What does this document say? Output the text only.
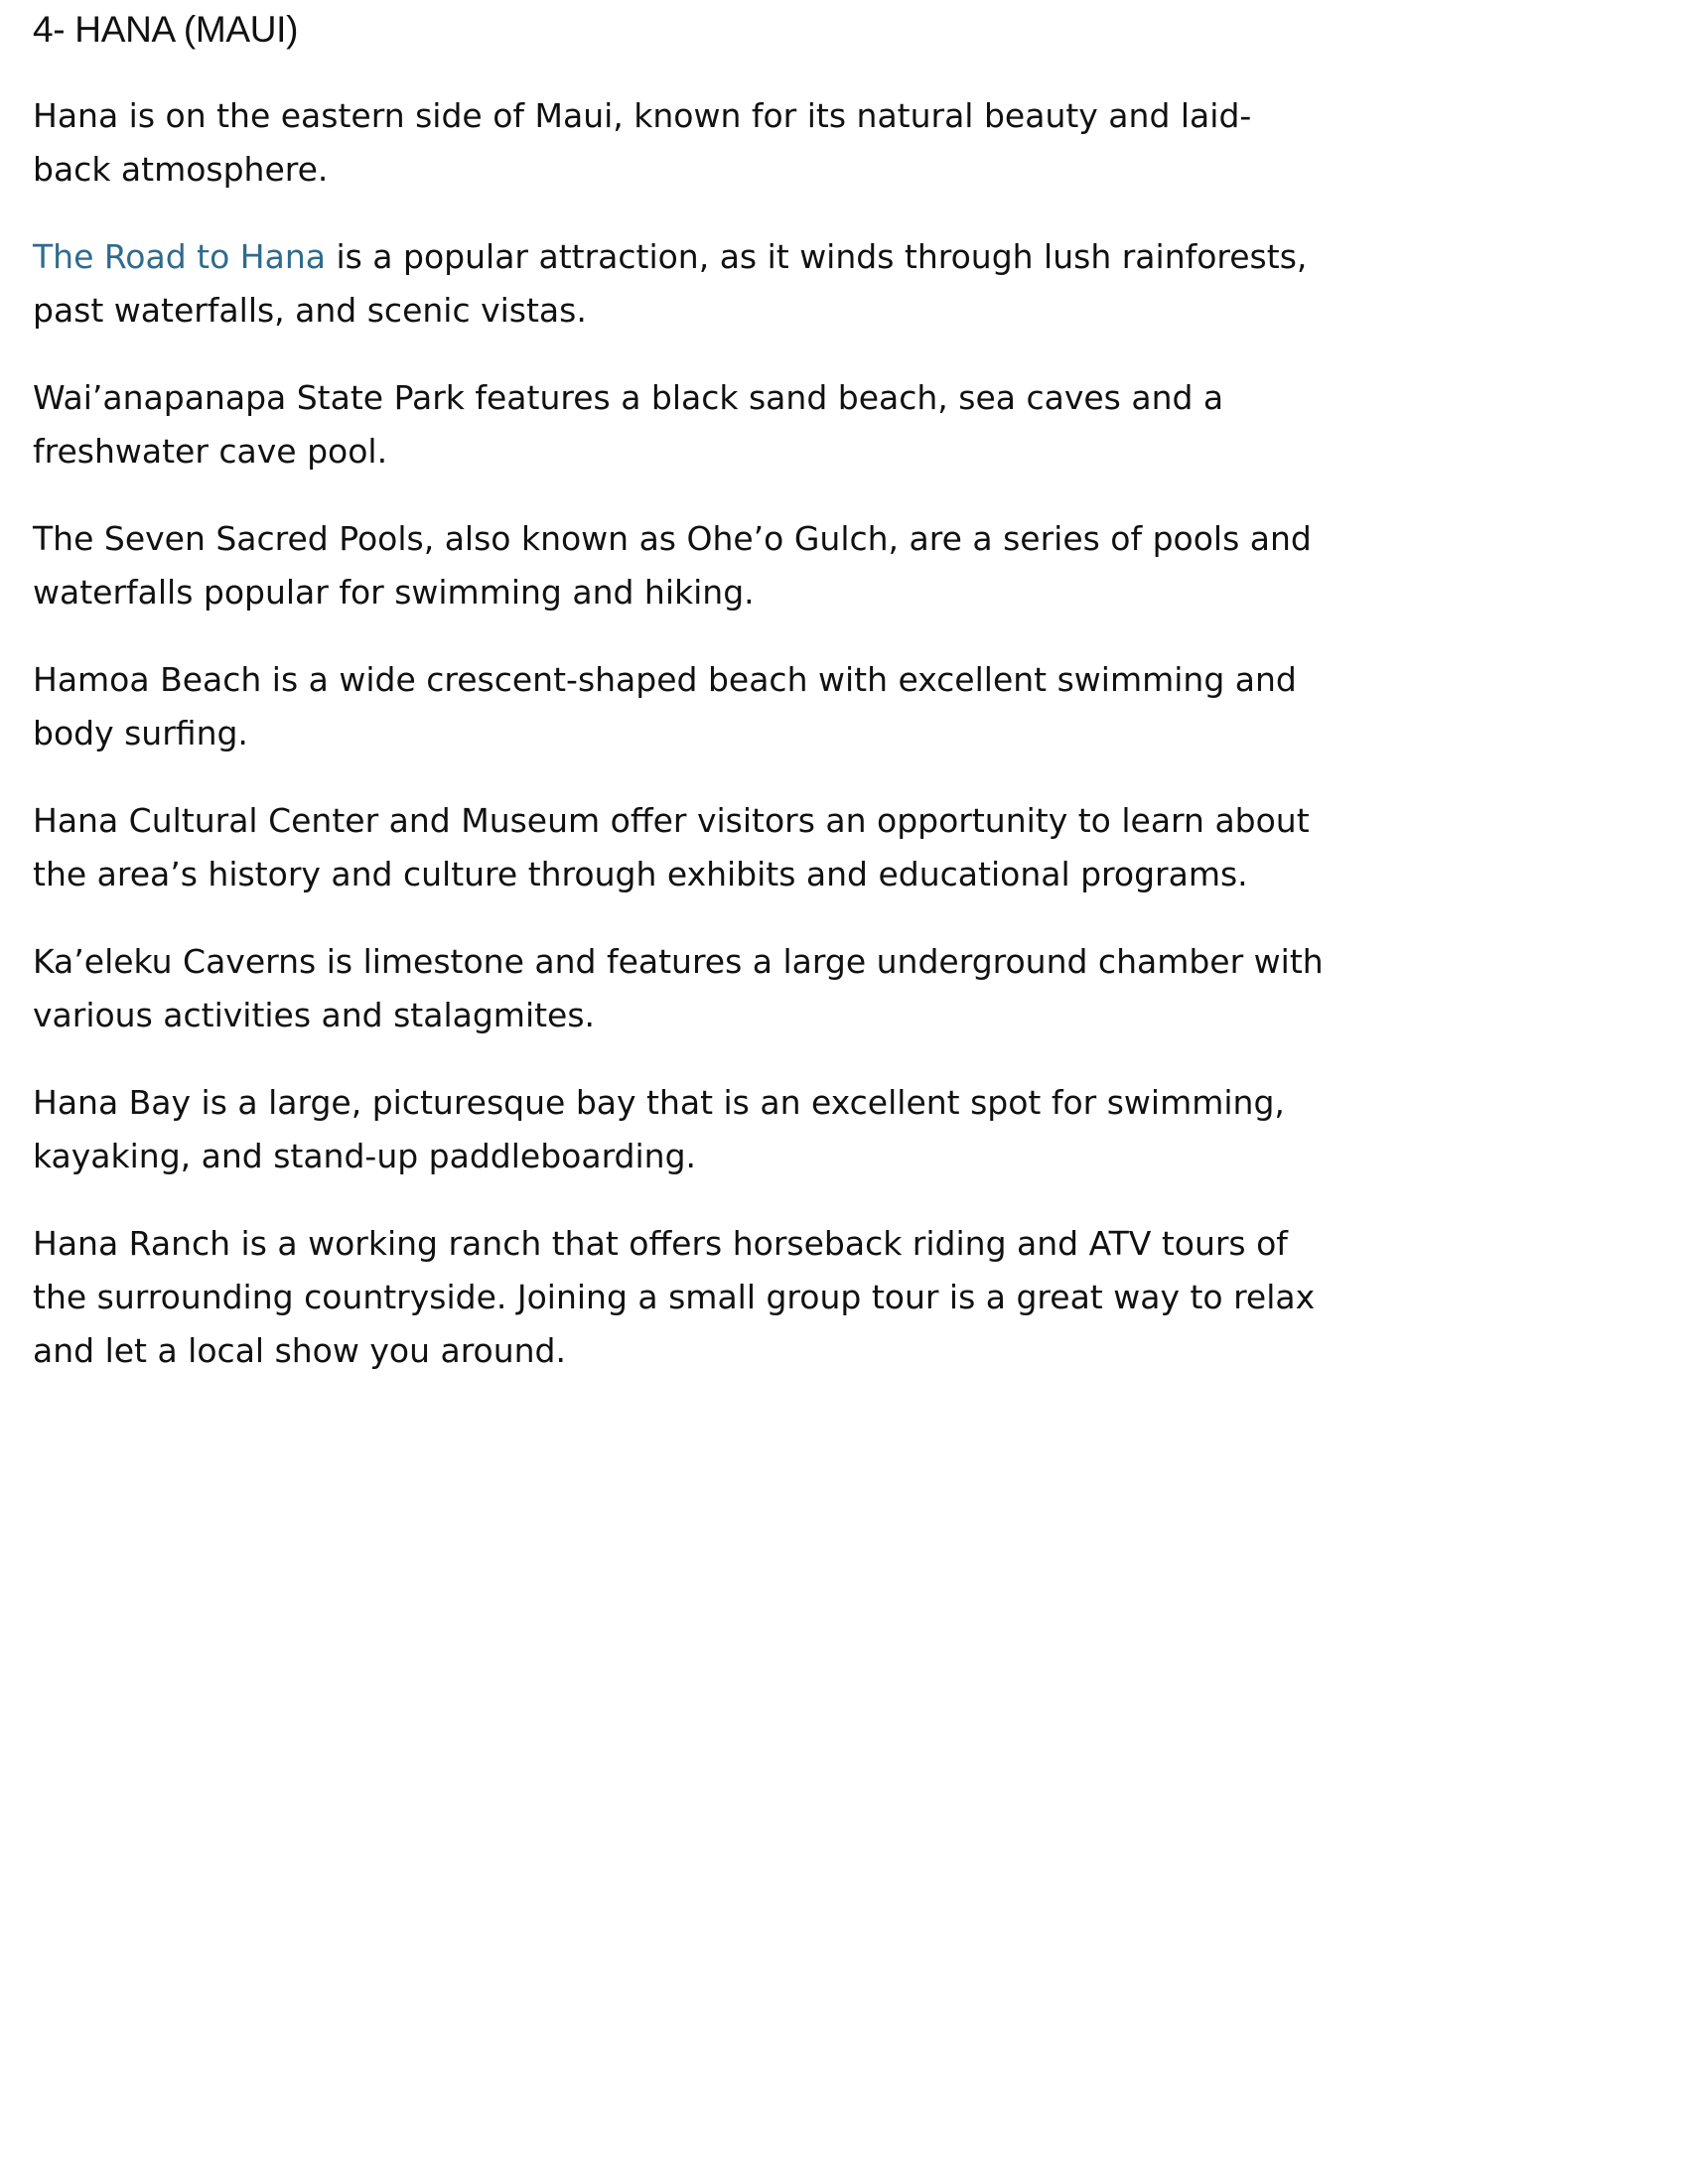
4- HANA (MAUI)

Hana is on the eastern side of Maui, known for its natural beauty and laid-back atmosphere.

The Road to Hana is a popular attraction, as it winds through lush rainforests, past waterfalls, and scenic vistas.

Wai’anapanapa State Park features a black sand beach, sea caves and a freshwater cave pool.

The Seven Sacred Pools, also known as Ohe’o Gulch, are a series of pools and waterfalls popular for swimming and hiking.

Hamoa Beach is a wide crescent-shaped beach with excellent swimming and body surfing.

Hana Cultural Center and Museum offer visitors an opportunity to learn about the area’s history and culture through exhibits and educational programs.

Ka’eleku Caverns is limestone and features a large underground chamber with various activities and stalagmites.

Hana Bay is a large, picturesque bay that is an excellent spot for swimming, kayaking, and stand-up paddleboarding.

Hana Ranch is a working ranch that offers horseback riding and ATV tours of the surrounding countryside. Joining a small group tour is a great way to relax and let a local show you around.
